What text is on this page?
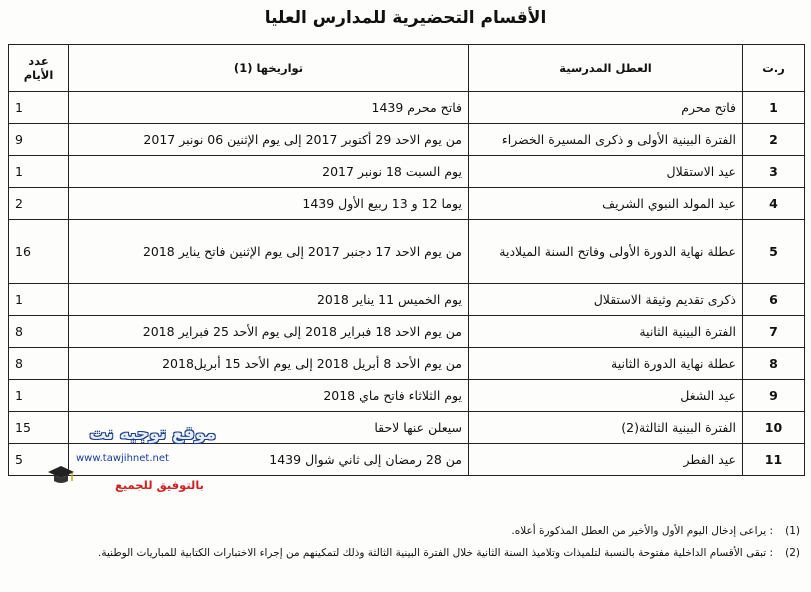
الأقسام التحضيرية للمدارس العليا
ر.ت	العطل المدرسية	تواريخها (1)	عدد الأيام
1	فاتح محرم	فاتح محرم 1439	1
2	الفترة البينية الأولى و ذكرى المسيرة الخضراء	من يوم الاحد 29 أكتوبر 2017 إلى يوم الإثنين 06 نونبر 2017	9
3	عيد الاستقلال	يوم السبت 18 نونبر 2017	1
4	عيد المولد النبوي الشريف	يوما 12 و 13 ربيع الأول 1439	2
5	عطلة نهاية الدورة الأولى وفاتح السنة الميلادية	من يوم الاحد 17 دجنبر 2017 إلى يوم الإثنين فاتح يناير 2018	16
6	ذكرى تقديم وثيقة الاستقلال	يوم الخميس 11 يناير 2018	1
7	الفترة البينية الثانية	من يوم الاحد 18 فبراير 2018 إلى يوم الأحد 25 فبراير 2018	8
8	عطلة نهاية الدورة الثانية	من يوم الأحد 8 أبريل 2018 إلى يوم الأحد 15 أبريل2018	8
9	عيد الشغل	يوم الثلاثاء فاتح ماي 2018	1
10	الفترة البينية الثالثة(2)	سيعلن عنها لاحقا	15
11	عيد الفطر	من 28 رمضان إلى ثاني شوال 1439	5
(1): يراعى إدخال اليوم الأول والأخير من العطل المذكورة أعلاه.
(2): تبقى الأقسام الداخلية مفتوحة بالنسبة لتلميذات وتلاميذ السنة الثانية خلال الفترة البينية الثالثة وذلك لتمكينهم من إجراء الاختبارات الكتابية للمباريات الوطنية.
موقع توجيه نت
www.tawjihnet.net
بالتوفيق للجميع
